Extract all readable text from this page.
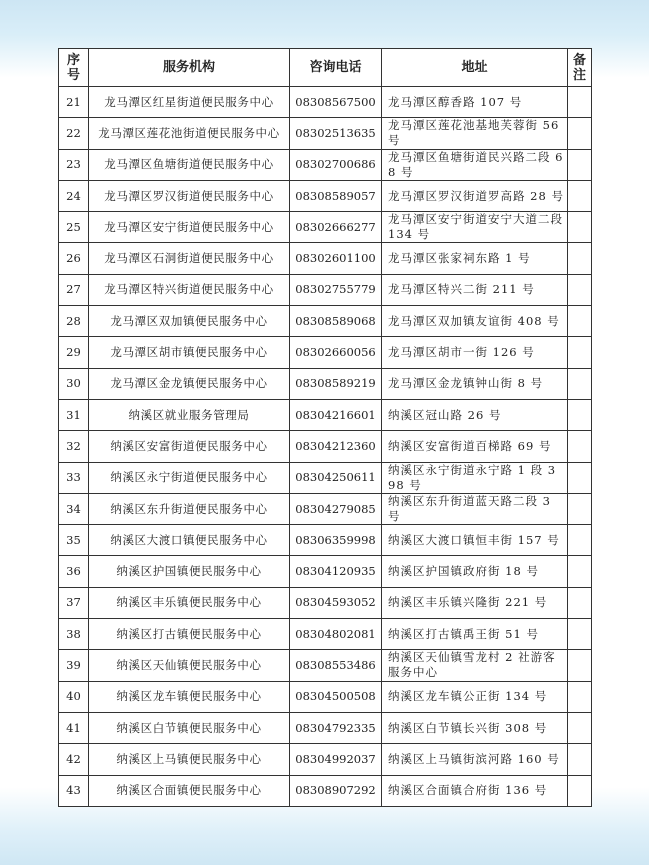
序号	服务机构	咨询电话	地址	备注
21	龙马潭区红星街道便民服务中心	08308567500	龙马潭区醇香路 107 号	
22	龙马潭区莲花池街道便民服务中心	08302513635	龙马潭区莲花池基地芙蓉街 56 号	
23	龙马潭区鱼塘街道便民服务中心	08302700686	龙马潭区鱼塘街道民兴路二段 68 号	
24	龙马潭区罗汉街道便民服务中心	08308589057	龙马潭区罗汉街道罗高路 28 号	
25	龙马潭区安宁街道便民服务中心	08302666277	龙马潭区安宁街道安宁大道二段 134 号	
26	龙马潭区石洞街道便民服务中心	08302601100	龙马潭区张家祠东路 1 号	
27	龙马潭区特兴街道便民服务中心	08302755779	龙马潭区特兴二街 211 号	
28	龙马潭区双加镇便民服务中心	08308589068	龙马潭区双加镇友谊街 408 号	
29	龙马潭区胡市镇便民服务中心	08302660056	龙马潭区胡市一街 126 号	
30	龙马潭区金龙镇便民服务中心	08308589219	龙马潭区金龙镇钟山街 8 号	
31	纳溪区就业服务管理局	08304216601	纳溪区冠山路 26 号	
32	纳溪区安富街道便民服务中心	08304212360	纳溪区安富街道百梯路 69 号	
33	纳溪区永宁街道便民服务中心	08304250611	纳溪区永宁街道永宁路 1 段 398 号	
34	纳溪区东升街道便民服务中心	08304279085	纳溪区东升街道蓝天路二段 3 号	
35	纳溪区大渡口镇便民服务中心	08306359998	纳溪区大渡口镇恒丰街 157 号	
36	纳溪区护国镇便民服务中心	08304120935	纳溪区护国镇政府街 18 号	
37	纳溪区丰乐镇便民服务中心	08304593052	纳溪区丰乐镇兴隆街 221 号	
38	纳溪区打古镇便民服务中心	08304802081	纳溪区打古镇禹王街 51 号	
39	纳溪区天仙镇便民服务中心	08308553486	纳溪区天仙镇雪龙村 2 社游客服务中心	
40	纳溪区龙车镇便民服务中心	08304500508	纳溪区龙车镇公正街 134 号	
41	纳溪区白节镇便民服务中心	08304792335	纳溪区白节镇长兴街 308 号	
42	纳溪区上马镇便民服务中心	08304992037	纳溪区上马镇街滨河路 160 号	
43	纳溪区合面镇便民服务中心	08308907292	纳溪区合面镇合府街 136 号	
